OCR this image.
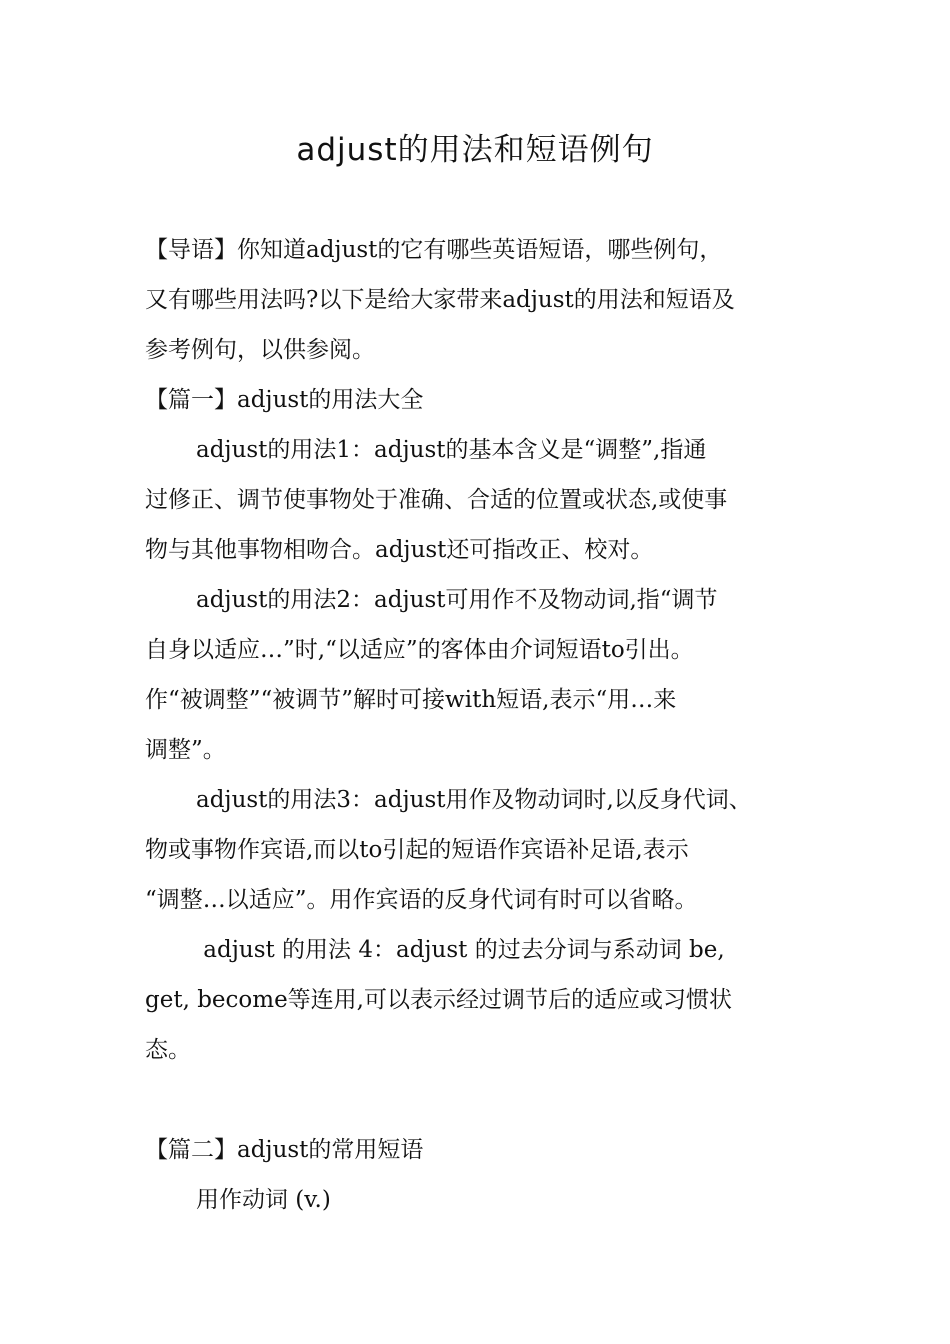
adjust的用法和短语例句

【导语】你知道adjust的它有哪些英语短语，哪些例句，

又有哪些用法吗?以下是给大家带来adjust的用法和短语及

参考例句，以供参阅。

【篇一】adjust的用法大全

adjust的用法1：adjust的基本含义是“调整”,指通

过修正、调节使事物处于准确、合适的位置或状态,或使事

物与其他事物相吻合。adjust还可指改正、校对。

adjust的用法2：adjust可用作不及物动词,指“调节

自身以适应…”时,“以适应”的客体由介词短语to引出。

作“被调整”“被调节”解时可接with短语,表示“用…来

调整”。

adjust的用法3：adjust用作及物动词时,以反身代词、

物或事物作宾语,而以to引起的短语作宾语补足语,表示

“调整…以适应”。用作宾语的反身代词有时可以省略。

adjust 的用法 4：adjust 的过去分词与系动词 be,

get, become等连用,可以表示经过调节后的适应或习惯状

态。

【篇二】adjust的常用短语

用作动词 (v.)
